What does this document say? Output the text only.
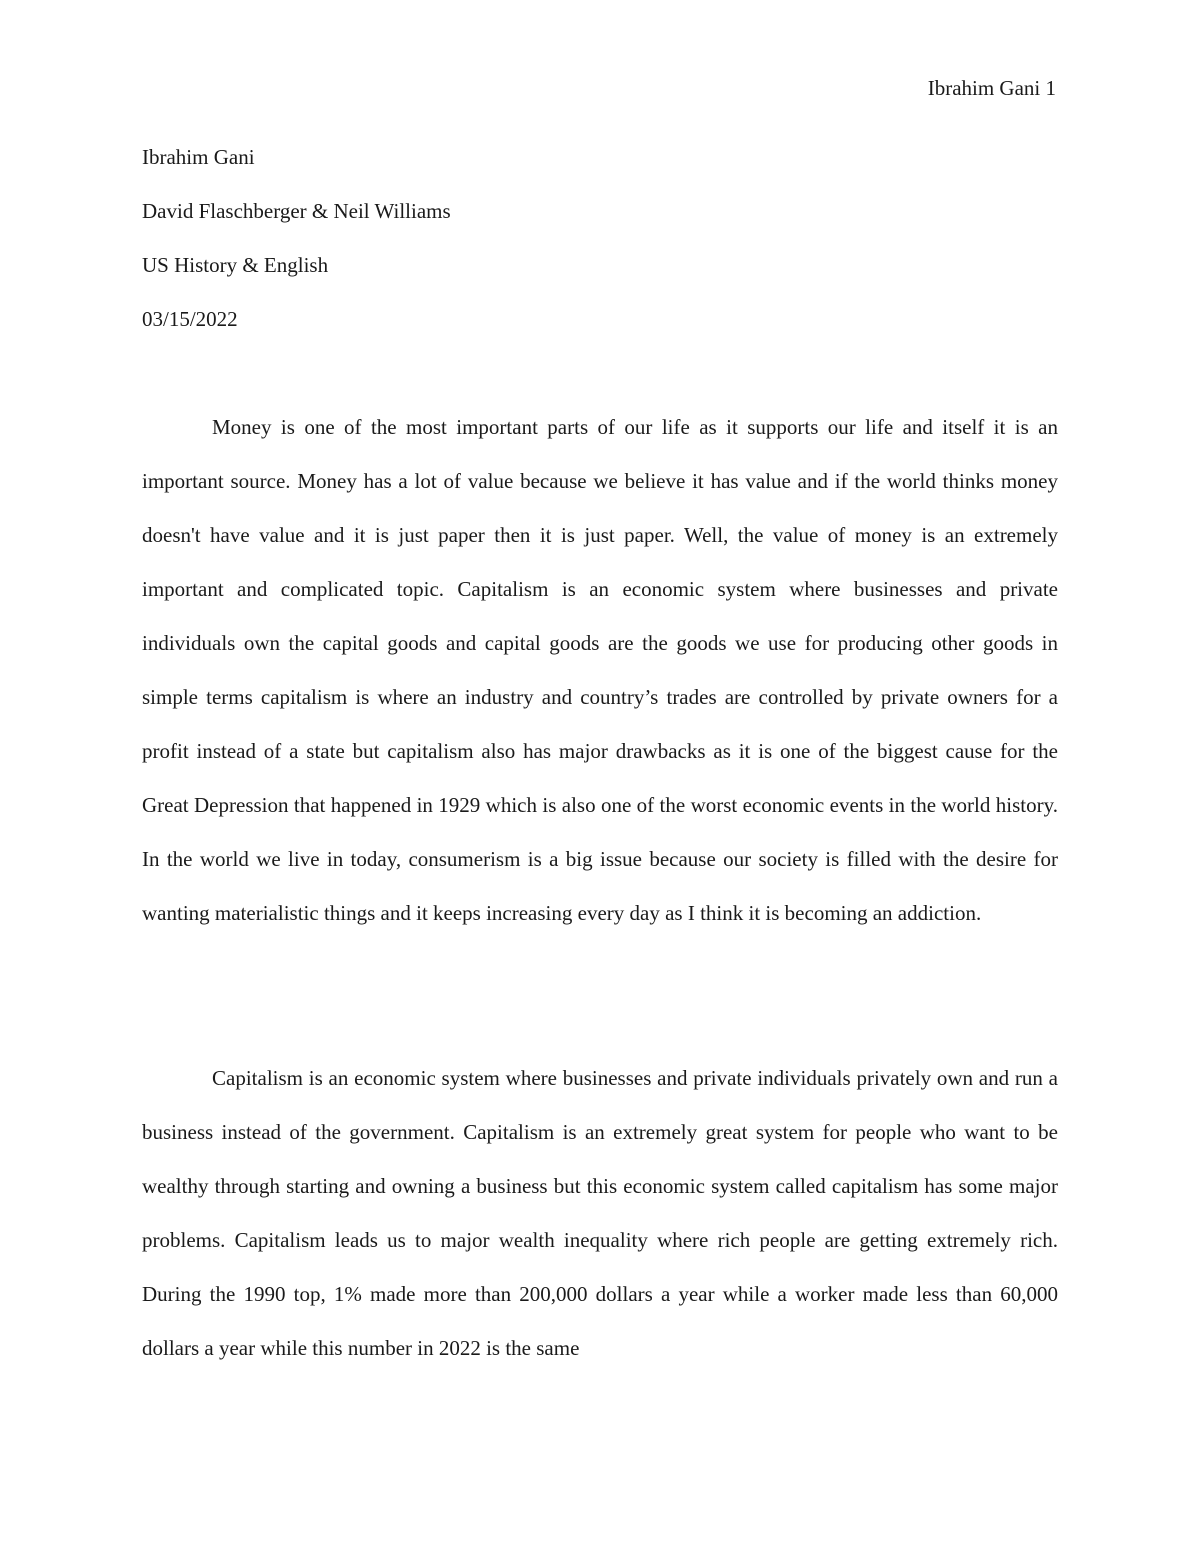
Ibrahim Gani 1
Ibrahim Gani
David Flaschberger & Neil Williams
US History & English
03/15/2022

Money is one of the most important parts of our life as it supports our life and itself it is an important source. Money has a lot of value because we believe it has value and if the world thinks money doesn't have value and it is just paper then it is just paper. Well, the value of money is an extremely important and complicated topic. Capitalism is an economic system where businesses and private individuals own the capital goods and capital goods are the goods we use for producing other goods in simple terms capitalism is where an industry and country’s trades are controlled by private owners for a profit instead of a state but capitalism also has major drawbacks as it is one of the biggest cause for the Great Depression that happened in 1929 which is also one of the worst economic events in the world history. In the world we live in today, consumerism is a big issue because our society is filled with the desire for wanting materialistic things and it keeps increasing every day as I think it is becoming an addiction.

Capitalism is an economic system where businesses and private individuals privately own and run a business instead of the government. Capitalism is an extremely great system for people who want to be wealthy through starting and owning a business but this economic system called capitalism has some major problems. Capitalism leads us to major wealth inequality where rich people are getting extremely rich. During the 1990 top, 1% made more than 200,000 dollars a year while a worker made less than 60,000 dollars a year while this number in 2022 is the same
